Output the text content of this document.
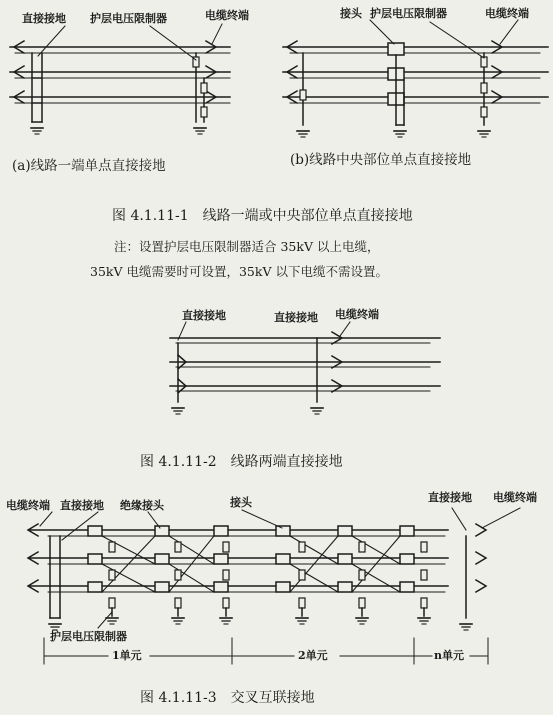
直接接地 护层电压限制器	电缆终端	接头 护层电压限制器	电缆终端
(a)线路一端单点直接接地	(b)线路中央部位单点直接接地
图 4.1.11-1　线路一端或中央部位单点直接接地
注：设置护层电压限制器适合 35kV 以上电缆，
35kV 电缆需要时可设置，35kV 以下电缆不需设置。
直接接地	直接接地 电缆终端
图 4.1.11-2　线路两端直接接地
电缆终端 直接接地 绝缘接头	接头	直接接地 电缆终端
护层电压限制器
1单元	2单元	n单元
图 4.1.11-3　交叉互联接地
